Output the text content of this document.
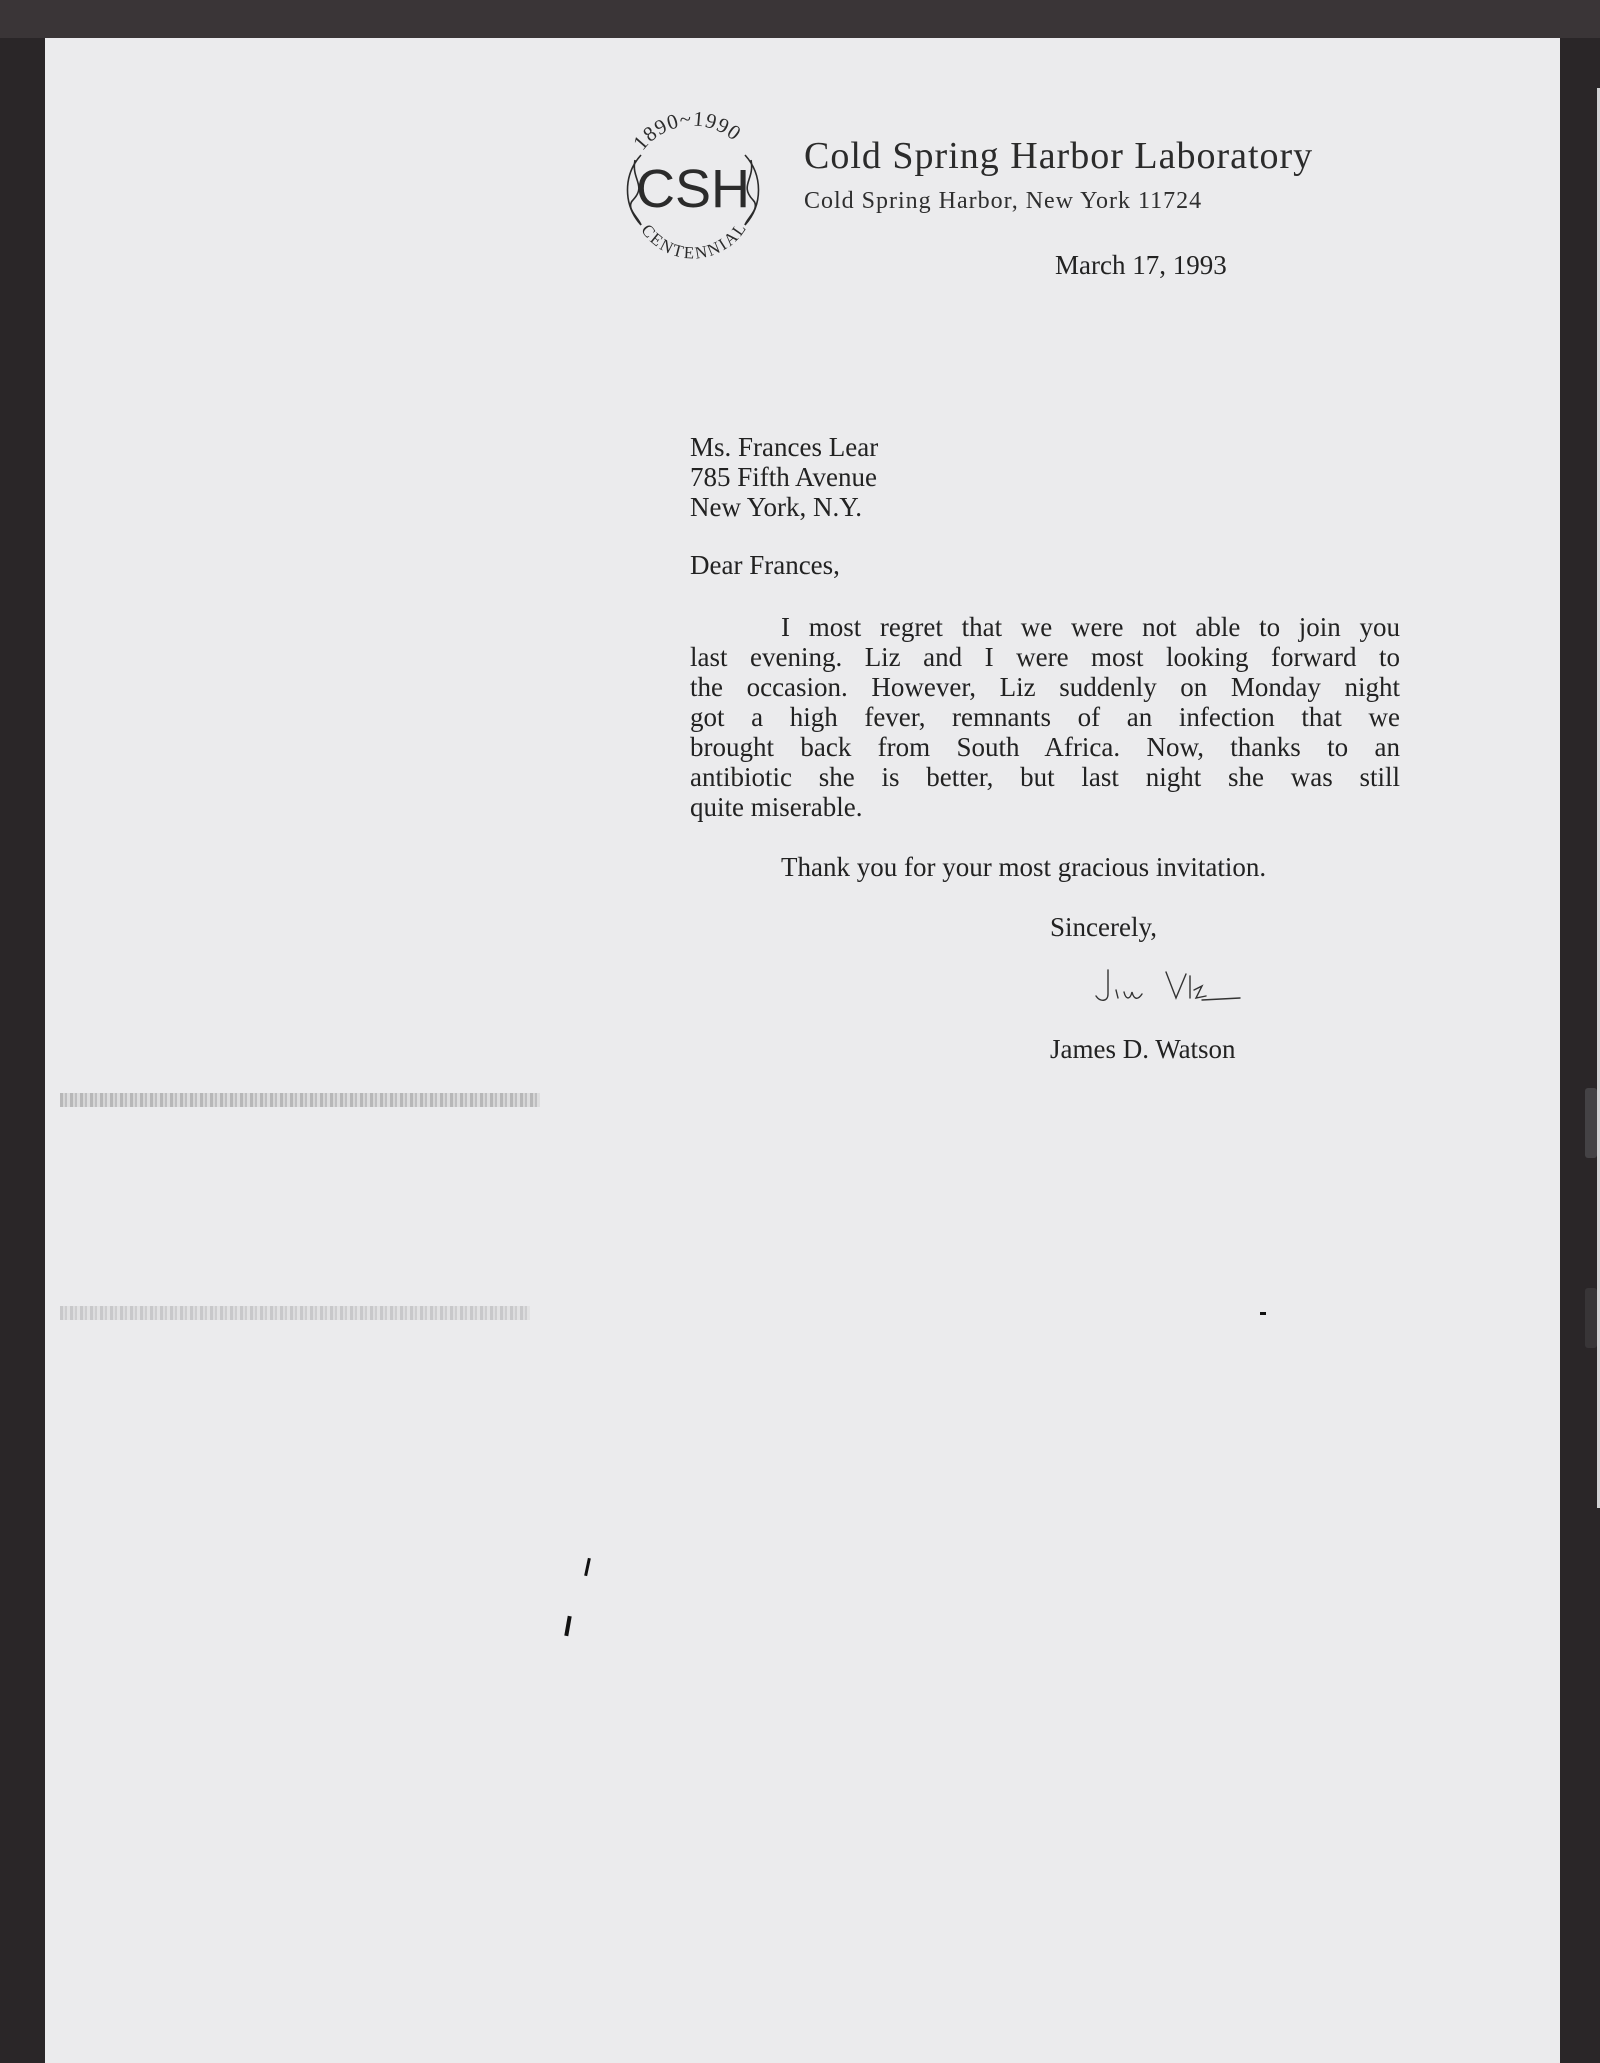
1890~1990
CSH
CENTENNIAL
Cold Spring Harbor Laboratory
Cold Spring Harbor, New York 11724
March 17, 1993
Ms. Frances Lear
785 Fifth Avenue
New York, N.Y.
Dear Frances,
I most regret that we were not able to join you
last evening. Liz and I were most looking forward to
the occasion. However, Liz suddenly on Monday night
got a high fever, remnants of an infection that we
brought back from South Africa. Now, thanks to an
antibiotic she is better, but last night she was still
quite miserable.
Thank you for your most gracious invitation.
Sincerely,
James D. Watson
